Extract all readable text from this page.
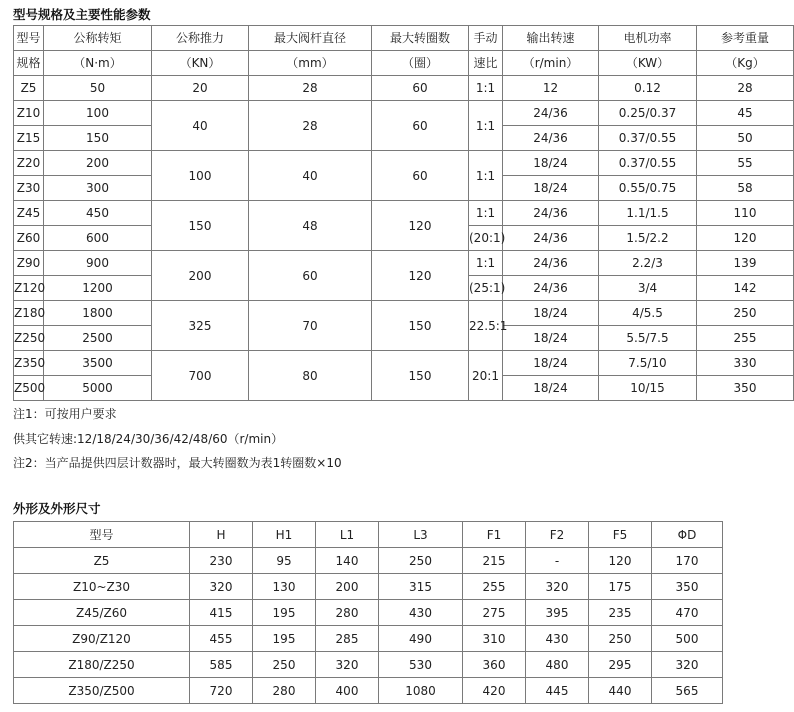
型号规格及主要性能参数
型号	公称转矩	公称推力	最大阀杆直径	最大转圈数	手动	输出转速	电机功率	参考重量
规格	（N·m）	（KN）	（mm）	（圈）	速比	（r/min）	（KW）	（Kg）
Z5	50	20	28	60	1:1	12	0.12	28
Z10	100	40	28	60	1:1	24/36	0.25/0.37	45
Z15	150					24/36	0.37/0.55	50
Z20	200	100	40	60	1:1	18/24	0.37/0.55	55
Z30	300					18/24	0.55/0.75	58
Z45	450	150	48	120	1:1	24/36	1.1/1.5	110
Z60	600				(20:1)	24/36	1.5/2.2	120
Z90	900	200	60	120	1:1	24/36	2.2/3	139
Z120	1200				(25:1)	24/36	3/4	142
Z180	1800	325	70	150	22.5:1	18/24	4/5.5	250
Z250	2500					18/24	5.5/7.5	255
Z350	3500	700	80	150	20:1	18/24	7.5/10	330
Z500	5000					18/24	10/15	350

注1：可按用户要求

供其它转速:12/18/24/30/36/42/48/60（r/min）

注2：当产品提供四层计数器时，最大转圈数为表1转圈数×10

外形及外形尺寸
型号	H	H1	L1	L3	F1	F2	F5	ΦD
Z5	230	95	140	250	215	-	120	170
Z10~Z30	320	130	200	315	255	320	175	350
Z45/Z60	415	195	280	430	275	395	235	470
Z90/Z120	455	195	285	490	310	430	250	500
Z180/Z250	585	250	320	530	360	480	295	320
Z350/Z500	720	280	400	1080	420	445	440	565
